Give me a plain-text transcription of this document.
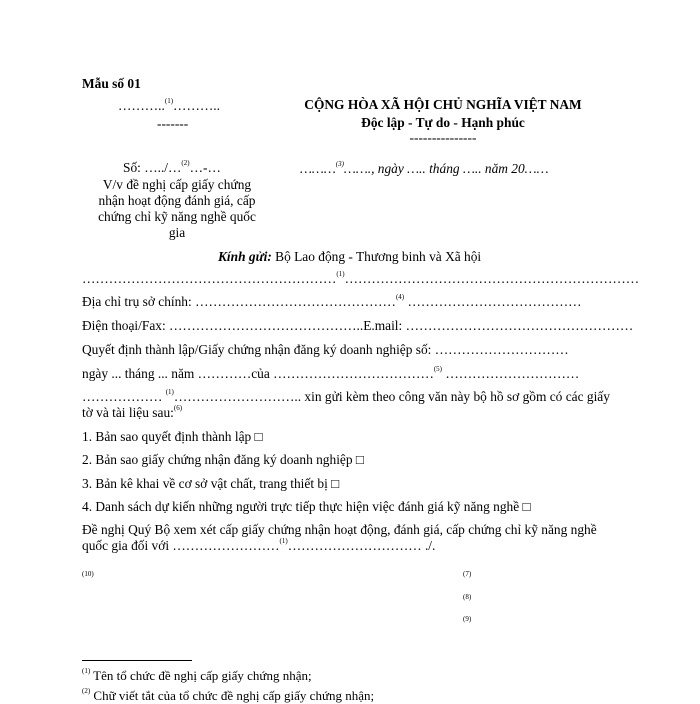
Mẫu số 01
………..$^{(1)}$………..
-------
CỘNG HÒA XÃ HỘI CHỦ NGHĨA VIỆT NAM
Độc lập - Tự do - Hạnh phúc
---------------
Số: …../…$^{(2)}$…-…
V/v đề nghị cấp giấy chứng
nhận hoạt động đánh giá, cấp
chứng chỉ kỹ năng nghề quốc
gia
………$^{(3)}$……., ngày ….. tháng ….. năm 20……
Kính gửi: Bộ Lao động - Thương binh và Xã hội
…………………………………………………$^{(1)}$…………………………………………………………
Địa chỉ trụ sở chính: ………………………………………$^{(4)}$ …………………………………
Điện thoại/Fax: ……………………………………..E.mail: ……………………………………………
Quyết định thành lập/Giấy chứng nhận đăng ký doanh nghiệp số: …………………………
ngày ... tháng ... năm …………của ………………………………$^{(5)}$ …………………………
……………… $^{(1)}$……………………….. xin gửi kèm theo công văn này bộ hồ sơ gồm có các giấy
tờ và tài liệu sau:$^{(6)}$
1. Bản sao quyết định thành lập □
2. Bản sao giấy chứng nhận đăng ký doanh nghiệp □
3. Bản kê khai về cơ sở vật chất, trang thiết bị □
4. Danh sách dự kiến những người trực tiếp thực hiện việc đánh giá kỹ năng nghề □
Đề nghị Quý Bộ xem xét cấp giấy chứng nhận hoạt động, đánh giá, cấp chứng chỉ kỹ năng nghề
quốc gia đối với ……………………$^{(1)}$………………………… ./.
(10)	(7)
(8)
(9)
$^{(1)}$ Tên tổ chức đề nghị cấp giấy chứng nhận;
$^{(2)}$ Chữ viết tắt của tổ chức đề nghị cấp giấy chứng nhận;
